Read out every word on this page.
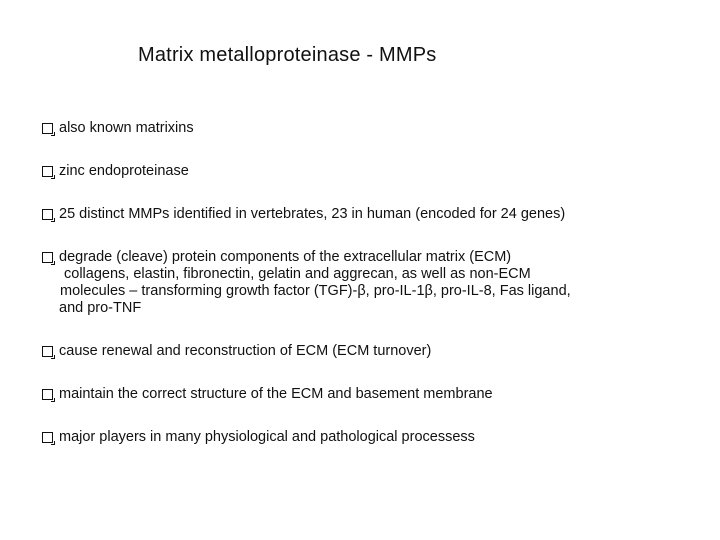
Matrix metalloproteinase - MMPs
also known matrixins
zinc endoproteinase
25 distinct MMPs identified in vertebrates, 23 in human (encoded for 24 genes)
degrade (cleave) protein components of the extracellular matrix (ECM)
collagens, elastin, fibronectin, gelatin and aggrecan, as well as non-ECM
molecules – transforming growth factor (TGF)-β, pro-IL-1β, pro-IL-8, Fas ligand,
and pro-TNF
cause renewal and reconstruction of ECM (ECM turnover)
maintain the correct structure of the ECM and basement membrane
major players in many physiological and pathological processess
